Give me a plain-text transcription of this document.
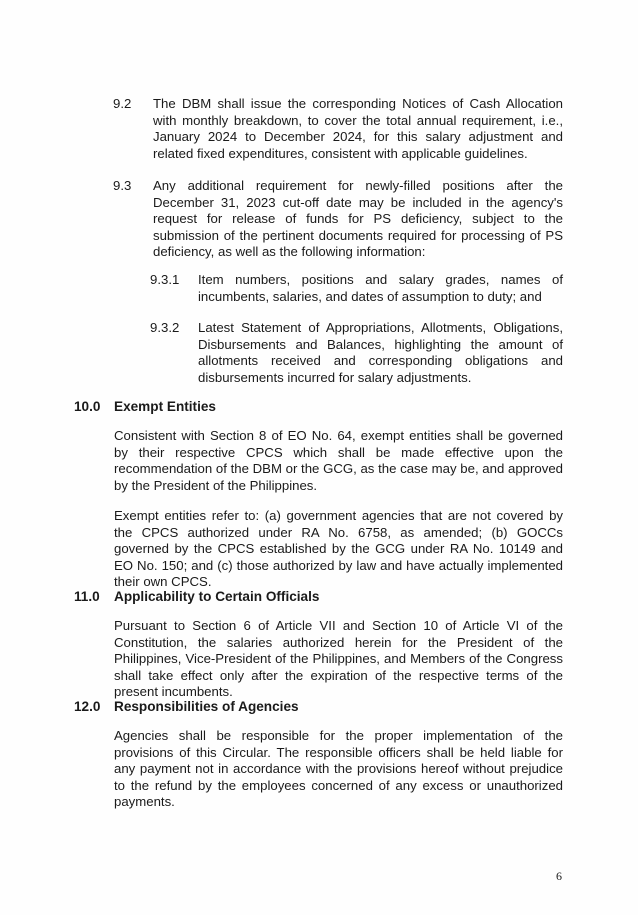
9.2	The DBM shall issue the corresponding Notices of Cash Allocation with monthly breakdown, to cover the total annual requirement, i.e., January 2024 to December 2024, for this salary adjustment and related fixed expenditures, consistent with applicable guidelines.
9.3	Any additional requirement for newly-filled positions after the December 31, 2023 cut-off date may be included in the agency's request for release of funds for PS deficiency, subject to the submission of the pertinent documents required for processing of PS deficiency, as well as the following information:
9.3.1	Item numbers, positions and salary grades, names of incumbents, salaries, and dates of assumption to duty; and
9.3.2	Latest Statement of Appropriations, Allotments, Obligations, Disbursements and Balances, highlighting the amount of allotments received and corresponding obligations and disbursements incurred for salary adjustments.
10.0 Exempt Entities
Consistent with Section 8 of EO No. 64, exempt entities shall be governed by their respective CPCS which shall be made effective upon the recommendation of the DBM or the GCG, as the case may be, and approved by the President of the Philippines.
Exempt entities refer to: (a) government agencies that are not covered by the CPCS authorized under RA No. 6758, as amended; (b) GOCCs governed by the CPCS established by the GCG under RA No. 10149 and EO No. 150; and (c) those authorized by law and have actually implemented their own CPCS.
11.0 Applicability to Certain Officials
Pursuant to Section 6 of Article VII and Section 10 of Article VI of the Constitution, the salaries authorized herein for the President of the Philippines, Vice-President of the Philippines, and Members of the Congress shall take effect only after the expiration of the respective terms of the present incumbents.
12.0 Responsibilities of Agencies
Agencies shall be responsible for the proper implementation of the provisions of this Circular. The responsible officers shall be held liable for any payment not in accordance with the provisions hereof without prejudice to the refund by the employees concerned of any excess or unauthorized payments.
6
